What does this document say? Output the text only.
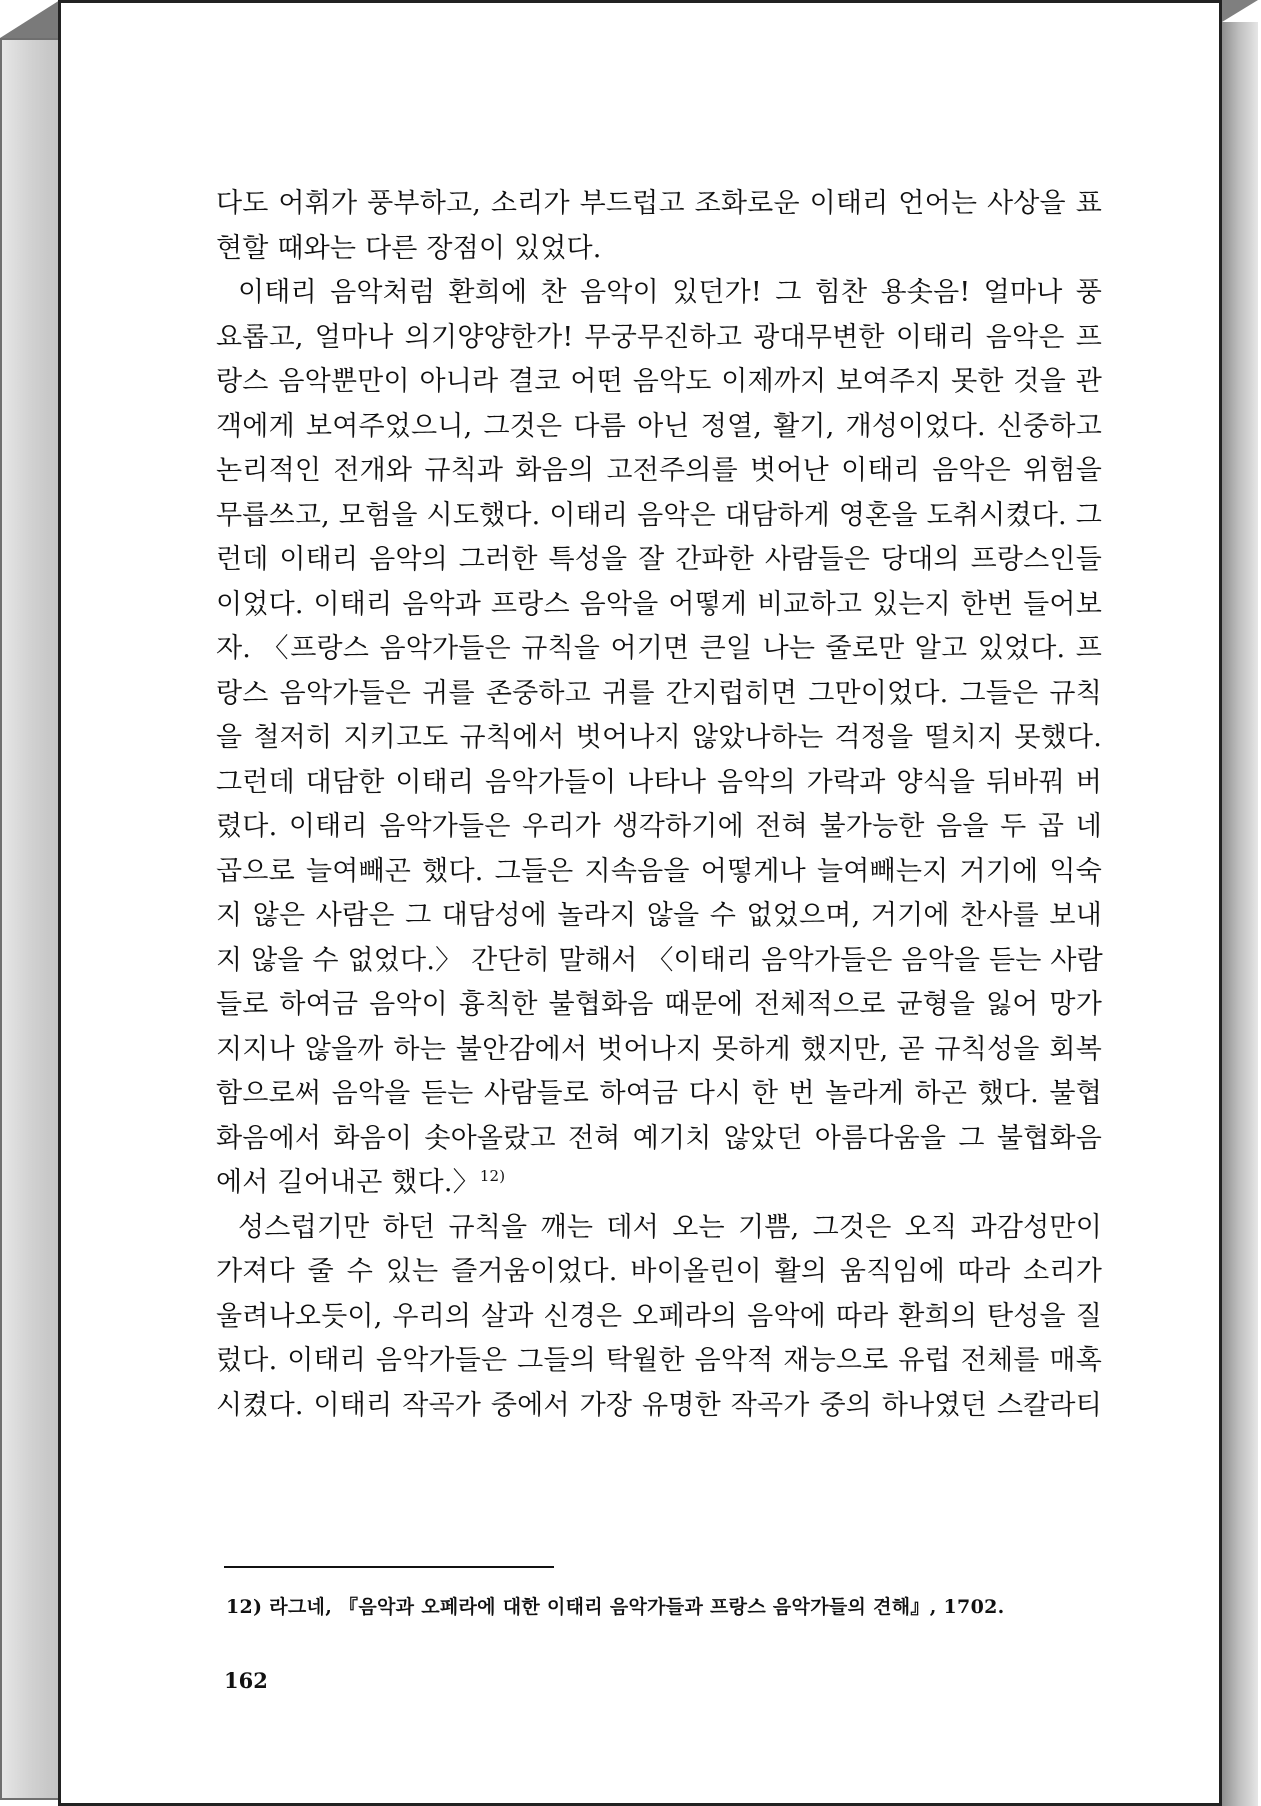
다도 어휘가 풍부하고, 소리가 부드럽고 조화로운 이태리 언어는 사상을 표
현할 때와는 다른 장점이 있었다.
이태리 음악처럼 환희에 찬 음악이 있던가! 그 힘찬 용솟음! 얼마나 풍
요롭고, 얼마나 의기양양한가! 무궁무진하고 광대무변한 이태리 음악은 프
랑스 음악뿐만이 아니라 결코 어떤 음악도 이제까지 보여주지 못한 것을 관
객에게 보여주었으니, 그것은 다름 아닌 정열, 활기, 개성이었다. 신중하고
논리적인 전개와 규칙과 화음의 고전주의를 벗어난 이태리 음악은 위험을
무릅쓰고, 모험을 시도했다. 이태리 음악은 대담하게 영혼을 도취시켰다. 그
런데 이태리 음악의 그러한 특성을 잘 간파한 사람들은 당대의 프랑스인들
이었다. 이태리 음악과 프랑스 음악을 어떻게 비교하고 있는지 한번 들어보
자. 〈프랑스 음악가들은 규칙을 어기면 큰일 나는 줄로만 알고 있었다. 프
랑스 음악가들은 귀를 존중하고 귀를 간지럽히면 그만이었다. 그들은 규칙
을 철저히 지키고도 규칙에서 벗어나지 않았나하는 걱정을 떨치지 못했다.
그런데 대담한 이태리 음악가들이 나타나 음악의 가락과 양식을 뒤바꿔 버
렸다. 이태리 음악가들은 우리가 생각하기에 전혀 불가능한 음을 두 곱 네
곱으로 늘여빼곤 했다. 그들은 지속음을 어떻게나 늘여빼는지 거기에 익숙
지 않은 사람은 그 대담성에 놀라지 않을 수 없었으며, 거기에 찬사를 보내
지 않을 수 없었다.〉 간단히 말해서 〈이태리 음악가들은 음악을 듣는 사람
들로 하여금 음악이 흉칙한 불협화음 때문에 전체적으로 균형을 잃어 망가
지지나 않을까 하는 불안감에서 벗어나지 못하게 했지만, 곧 규칙성을 회복
함으로써 음악을 듣는 사람들로 하여금 다시 한 번 놀라게 하곤 했다. 불협
화음에서 화음이 솟아올랐고 전혀 예기치 않았던 아름다움을 그 불협화음
에서 길어내곤 했다.〉$^{12)}$
성스럽기만 하던 규칙을 깨는 데서 오는 기쁨, 그것은 오직 과감성만이
가져다 줄 수 있는 즐거움이었다. 바이올린이 활의 움직임에 따라 소리가
울려나오듯이, 우리의 살과 신경은 오페라의 음악에 따라 환희의 탄성을 질
렀다. 이태리 음악가들은 그들의 탁월한 음악적 재능으로 유럽 전체를 매혹
시켰다. 이태리 작곡가 중에서 가장 유명한 작곡가 중의 하나였던 스칼라티
12) 라그네, 『음악과 오페라에 대한 이태리 음악가들과 프랑스 음악가들의 견해』, 1702.
162
